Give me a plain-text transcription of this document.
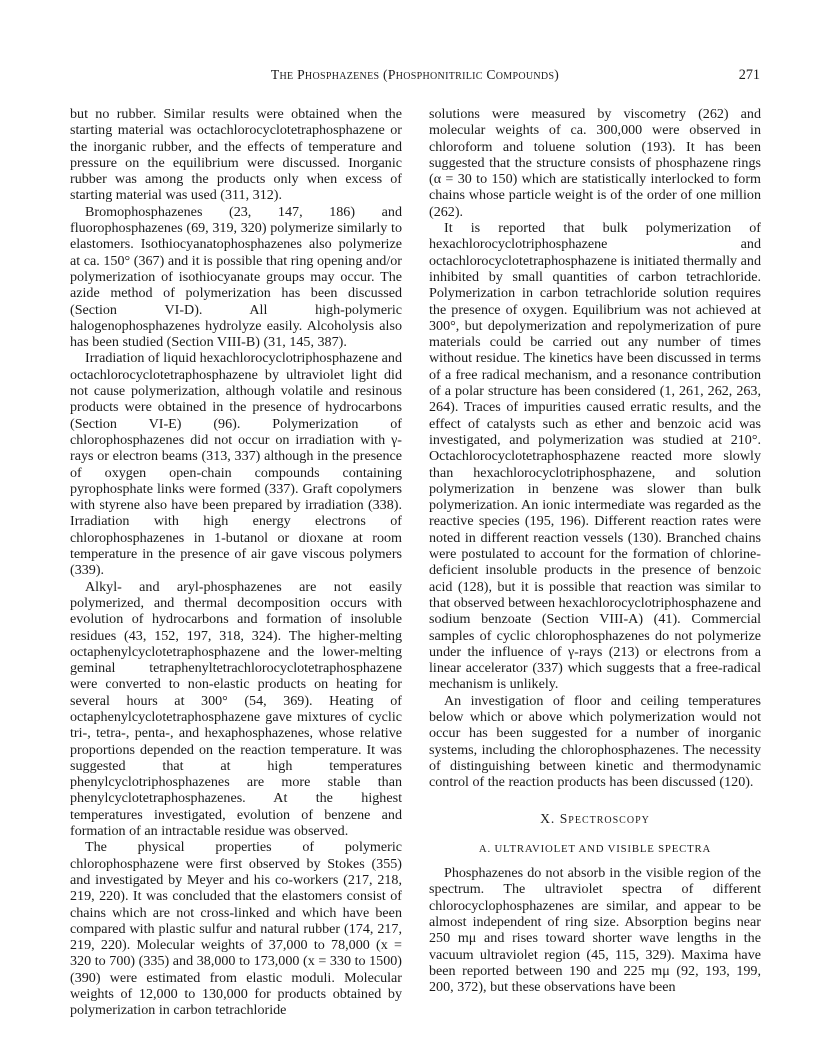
The Phosphazenes (Phosphonitrilic Compounds)	271

but no rubber. Similar results were obtained when the starting material was octachlorocyclotetraphosphazene or the inorganic rubber, and the effects of temperature and pressure on the equilibrium were discussed. Inorganic rubber was among the products only when excess of starting material was used (311, 312).

Bromophosphazenes (23, 147, 186) and fluorophosphazenes (69, 319, 320) polymerize similarly to elastomers. Isothiocyanatophosphazenes also polymerize at ca. 150° (367) and it is possible that ring opening and/or polymerization of isothiocyanate groups may occur. The azide method of polymerization has been discussed (Section VI-D). All high-polymeric halogenophosphazenes hydrolyze easily. Alcoholysis also has been studied (Section VIII-B) (31, 145, 387).

Irradiation of liquid hexachlorocyclotriphosphazene and octachlorocyclotetraphosphazene by ultraviolet light did not cause polymerization, although volatile and resinous products were obtained in the presence of hydrocarbons (Section VI-E) (96). Polymerization of chlorophosphazenes did not occur on irradiation with γ-rays or electron beams (313, 337) although in the presence of oxygen open-chain compounds containing pyrophosphate links were formed (337). Graft copolymers with styrene also have been prepared by irradiation (338). Irradiation with high energy electrons of chlorophosphazenes in 1-butanol or dioxane at room temperature in the presence of air gave viscous polymers (339).

Alkyl- and aryl-phosphazenes are not easily polymerized, and thermal decomposition occurs with evolution of hydrocarbons and formation of insoluble residues (43, 152, 197, 318, 324). The higher-melting octaphenylcyclotetraphosphazene and the lower-melting geminal tetraphenyltetrachlorocyclotetraphosphazene were converted to non-elastic products on heating for several hours at 300° (54, 369). Heating of octaphenylcyclotetraphosphazene gave mixtures of cyclic tri-, tetra-, penta-, and hexaphosphazenes, whose relative proportions depended on the reaction temperature. It was suggested that at high temperatures phenylcyclotriphosphazenes are more stable than phenylcyclotetraphosphazenes. At the highest temperatures investigated, evolution of benzene and formation of an intractable residue was observed.

The physical properties of polymeric chlorophosphazene were first observed by Stokes (355) and investigated by Meyer and his co-workers (217, 218, 219, 220). It was concluded that the elastomers consist of chains which are not cross-linked and which have been compared with plastic sulfur and natural rubber (174, 217, 219, 220). Molecular weights of 37,000 to 78,000 (x = 320 to 700) (335) and 38,000 to 173,000 (x = 330 to 1500) (390) were estimated from elastic moduli. Molecular weights of 12,000 to 130,000 for products obtained by polymerization in carbon tetrachloride

solutions were measured by viscometry (262) and molecular weights of ca. 300,000 were observed in chloroform and toluene solution (193). It has been suggested that the structure consists of phosphazene rings (α = 30 to 150) which are statistically interlocked to form chains whose particle weight is of the order of one million (262).

It is reported that bulk polymerization of hexachlorocyclotriphosphazene and octachlorocyclotetraphosphazene is initiated thermally and inhibited by small quantities of carbon tetrachloride. Polymerization in carbon tetrachloride solution requires the presence of oxygen. Equilibrium was not achieved at 300°, but depolymerization and repolymerization of pure materials could be carried out any number of times without residue. The kinetics have been discussed in terms of a free radical mechanism, and a resonance contribution of a polar structure has been considered (1, 261, 262, 263, 264). Traces of impurities caused erratic results, and the effect of catalysts such as ether and benzoic acid was investigated, and polymerization was studied at 210°. Octachlorocyclotetraphosphazene reacted more slowly than hexachlorocyclotriphosphazene, and solution polymerization in benzene was slower than bulk polymerization. An ionic intermediate was regarded as the reactive species (195, 196). Different reaction rates were noted in different reaction vessels (130). Branched chains were postulated to account for the formation of chlorine-deficient insoluble products in the presence of benzoic acid (128), but it is possible that reaction was similar to that observed between hexachlorocyclotriphosphazene and sodium benzoate (Section VIII-A) (41). Commercial samples of cyclic chlorophosphazenes do not polymerize under the influence of γ-rays (213) or electrons from a linear accelerator (337) which suggests that a free-radical mechanism is unlikely.

An investigation of floor and ceiling temperatures below which or above which polymerization would not occur has been suggested for a number of inorganic systems, including the chlorophosphazenes. The necessity of distinguishing between kinetic and thermodynamic control of the reaction products has been discussed (120).

X. Spectroscopy
A. ULTRAVIOLET AND VISIBLE SPECTRA

Phosphazenes do not absorb in the visible region of the spectrum. The ultraviolet spectra of different chlorocyclophosphazenes are similar, and appear to be almost independent of ring size. Absorption begins near 250 mμ and rises toward shorter wave lengths in the vacuum ultraviolet region (45, 115, 329). Maxima have been reported between 190 and 225 mμ (92, 193, 199, 200, 372), but these observations have been
